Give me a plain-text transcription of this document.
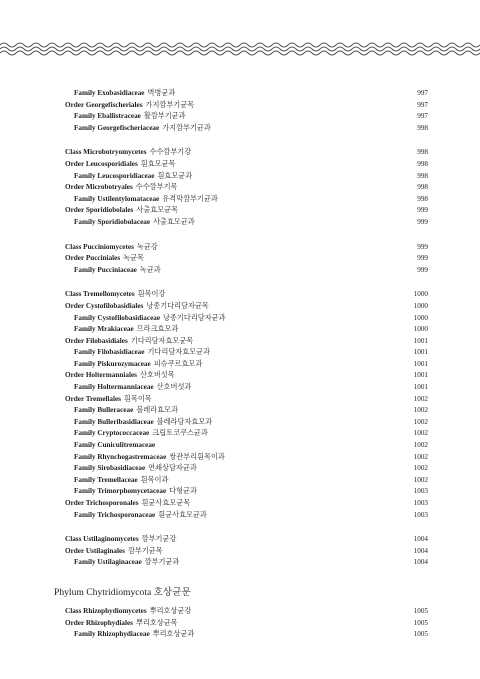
Family Exobasidiaceae 벽병균과	997
Order Georgefischeriales 가지깜부기균목	997
Family Eballistraceae 활깜부기균과	997
Family Georgefischeriaceae 가지깜부기균과	998
Class Microbotryomycetes 수수깜부기강	998
Order Leucosporidiales 흰효모균목	998
Family Leucosporidiaceae 흰효모균과	998
Order Microbotryales 수수깜부기목	998
Family Ustilentylomataceae 유격막깜부기균과	998
Order Sporidiobolales 사출효모균목	999
Family Sporidiobolaceae 사출효모균과	999
Class Pucciniomycetes 녹균강	999
Order Pucciniales 녹균목	999
Family Pucciniaceae 녹균과	999
Class Tremellomycetes 흰목이강	1000
Order Cystofilobasidiales 낭종기다리담자균목	1000
Family Cystofilobasidiaceae 낭종기다리담자균과	1000
Family Mrakiaceae 므라크효모과	1000
Order Filobasidiales 기다리담자효모균목	1001
Family Filobasidiaceae 기다리담자효모균과	1001
Family Piskurozymaceae 피슈쿠르효모과	1001
Order Holtermanniales 산호버섯목	1001
Family Holtermanniaceae 산호버섯과	1001
Order Tremellales 흰목이목	1002
Family Bulleraceae 블레라효모과	1002
Family Bulleribasidiaceae 블레라담자효모과	1002
Family Cryptococcaceae 크립토코쿠스균과	1002
Family Cuniculitremaceae	1002
Family Rhynchogastremaceae 쌍관부리흰목이과	1002
Family Sirobasidiaceae 연쇄상담자균과	1002
Family Tremellaceae 흰목이과	1002
Family Trimorphomycetaceae 다형균과	1003
Order Trichosporonales 흰균사효모균목	1003
Family Trichosporonaceae 흰균사효모균과	1003
Class Ustilaginomycetes 깜부기균강	1004
Order Ustilaginales 깜부기균목	1004
Family Ustilaginaceae 깜부기균과	1004
Phylum Chytridiomycota 호상균문
Class Rhizophydiomycetes 뿌리호상균강	1005
Order Rhizophydiales 뿌리호상균목	1005
Family Rhizophydiaceae 뿌리호상균과	1005
